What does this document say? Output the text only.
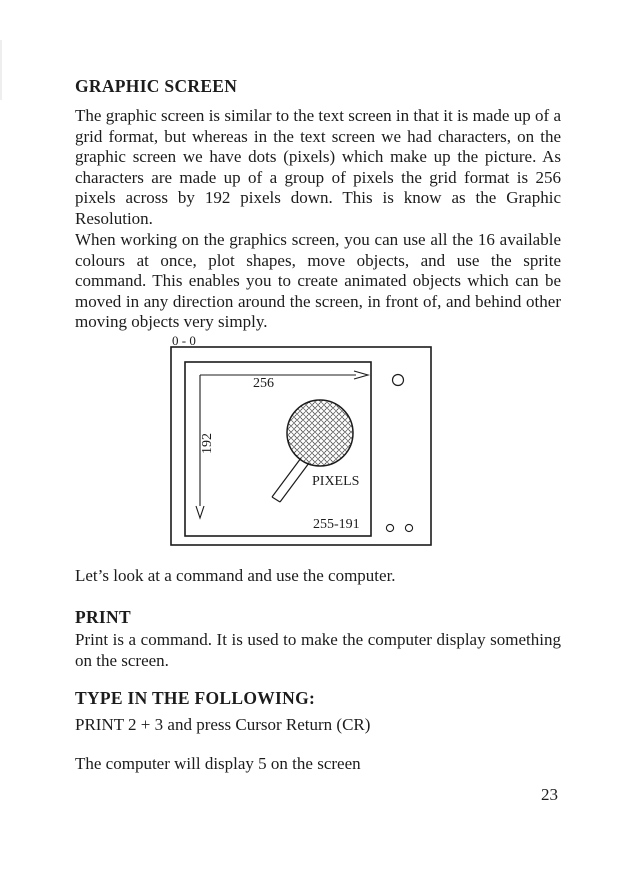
GRAPHIC SCREEN

The graphic screen is similar to the text screen in that it is made up of a grid format, but whereas in the text screen we had characters, on the graphic screen we have dots (pixels) which make up the picture. As characters are made up of a group of pixels the grid format is 256 pixels across by 192 pixels down. This is know as the Graphic Resolution.

When working on the graphics screen, you can use all the 16 available colours at once, plot shapes, move objects, and use the sprite command. This enables you to create animated objects which can be moved in any direction around the screen, in front of, and behind other moving objects very simply.

0 - 0
256
192
PIXELS
255-191

Let’s look at a command and use the computer.

PRINT

Print is a command. It is used to make the computer display something on the screen.

TYPE IN THE FOLLOWING:

PRINT 2 + 3 and press Cursor Return (CR)

The computer will display 5 on the screen

23
